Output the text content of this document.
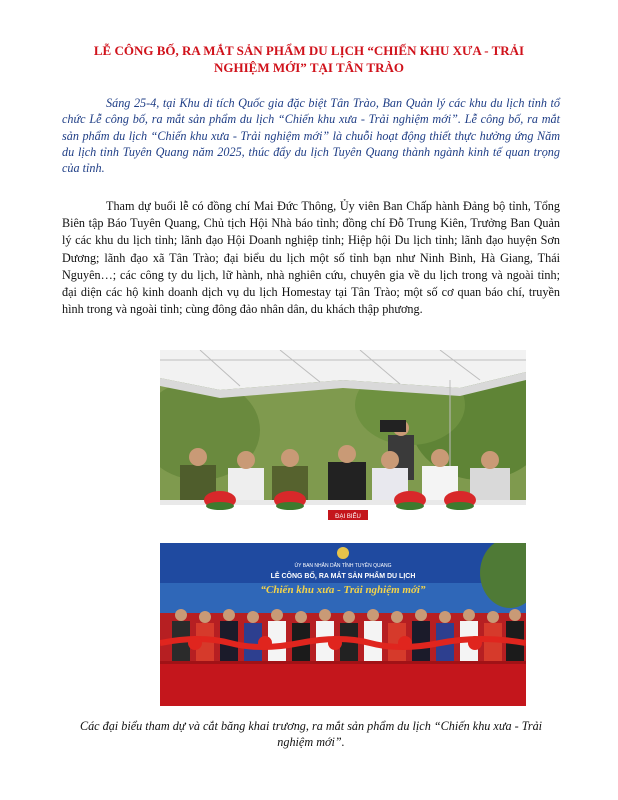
LỄ CÔNG BỐ, RA MẮT SẢN PHẨM DU LỊCH “CHIẾN KHU XƯA - TRẢI NGHIỆM MỚI” TẠI TÂN TRÀO

Sáng 25-4, tại Khu di tích Quốc gia đặc biệt Tân Trào, Ban Quản lý các khu du lịch tỉnh tổ chức Lễ công bố, ra mắt sản phẩm du lịch “Chiến khu xưa - Trải nghiệm mới”. Lễ công bố, ra mắt sản phẩm du lịch “Chiến khu xưa - Trải nghiệm mới” là chuỗi hoạt động thiết thực hưởng ứng Năm du lịch tỉnh Tuyên Quang năm 2025, thúc đẩy du lịch Tuyên Quang thành ngành kinh tế quan trọng của tỉnh.

Tham dự buổi lễ có đồng chí Mai Đức Thông, Ủy viên Ban Chấp hành Đảng bộ tỉnh, Tổng Biên tập Báo Tuyên Quang, Chủ tịch Hội Nhà báo tỉnh; đồng chí Đỗ Trung Kiên, Trưởng Ban Quản lý các khu du lịch tỉnh; lãnh đạo Hội Doanh nghiệp tỉnh; Hiệp hội Du lịch tỉnh; lãnh đạo huyện Sơn Dương; lãnh đạo xã Tân Trào; đại biểu du lịch một số tỉnh bạn như Ninh Bình, Hà Giang, Thái Nguyên…; các công ty du lịch, lữ hành, nhà nghiên cứu, chuyên gia về du lịch trong và ngoài tỉnh; đại diện các hộ kinh doanh dịch vụ du lịch Homestay tại Tân Trào; một số cơ quan báo chí, truyền hình trong và ngoài tỉnh; cùng đông đảo nhân dân, du khách thập phương.

ĐẠI BIỂU
ỦY BAN NHÂN DÂN TỈNH TUYÊN QUANG
LỄ CÔNG BỐ, RA MẮT SẢN PHẨM DU LỊCH
“Chiến khu xưa - Trải nghiệm mới”

Các đại biểu tham dự và cắt băng khai trương, ra mắt sản phẩm du lịch “Chiến khu xưa - Trải nghiệm mới”.
